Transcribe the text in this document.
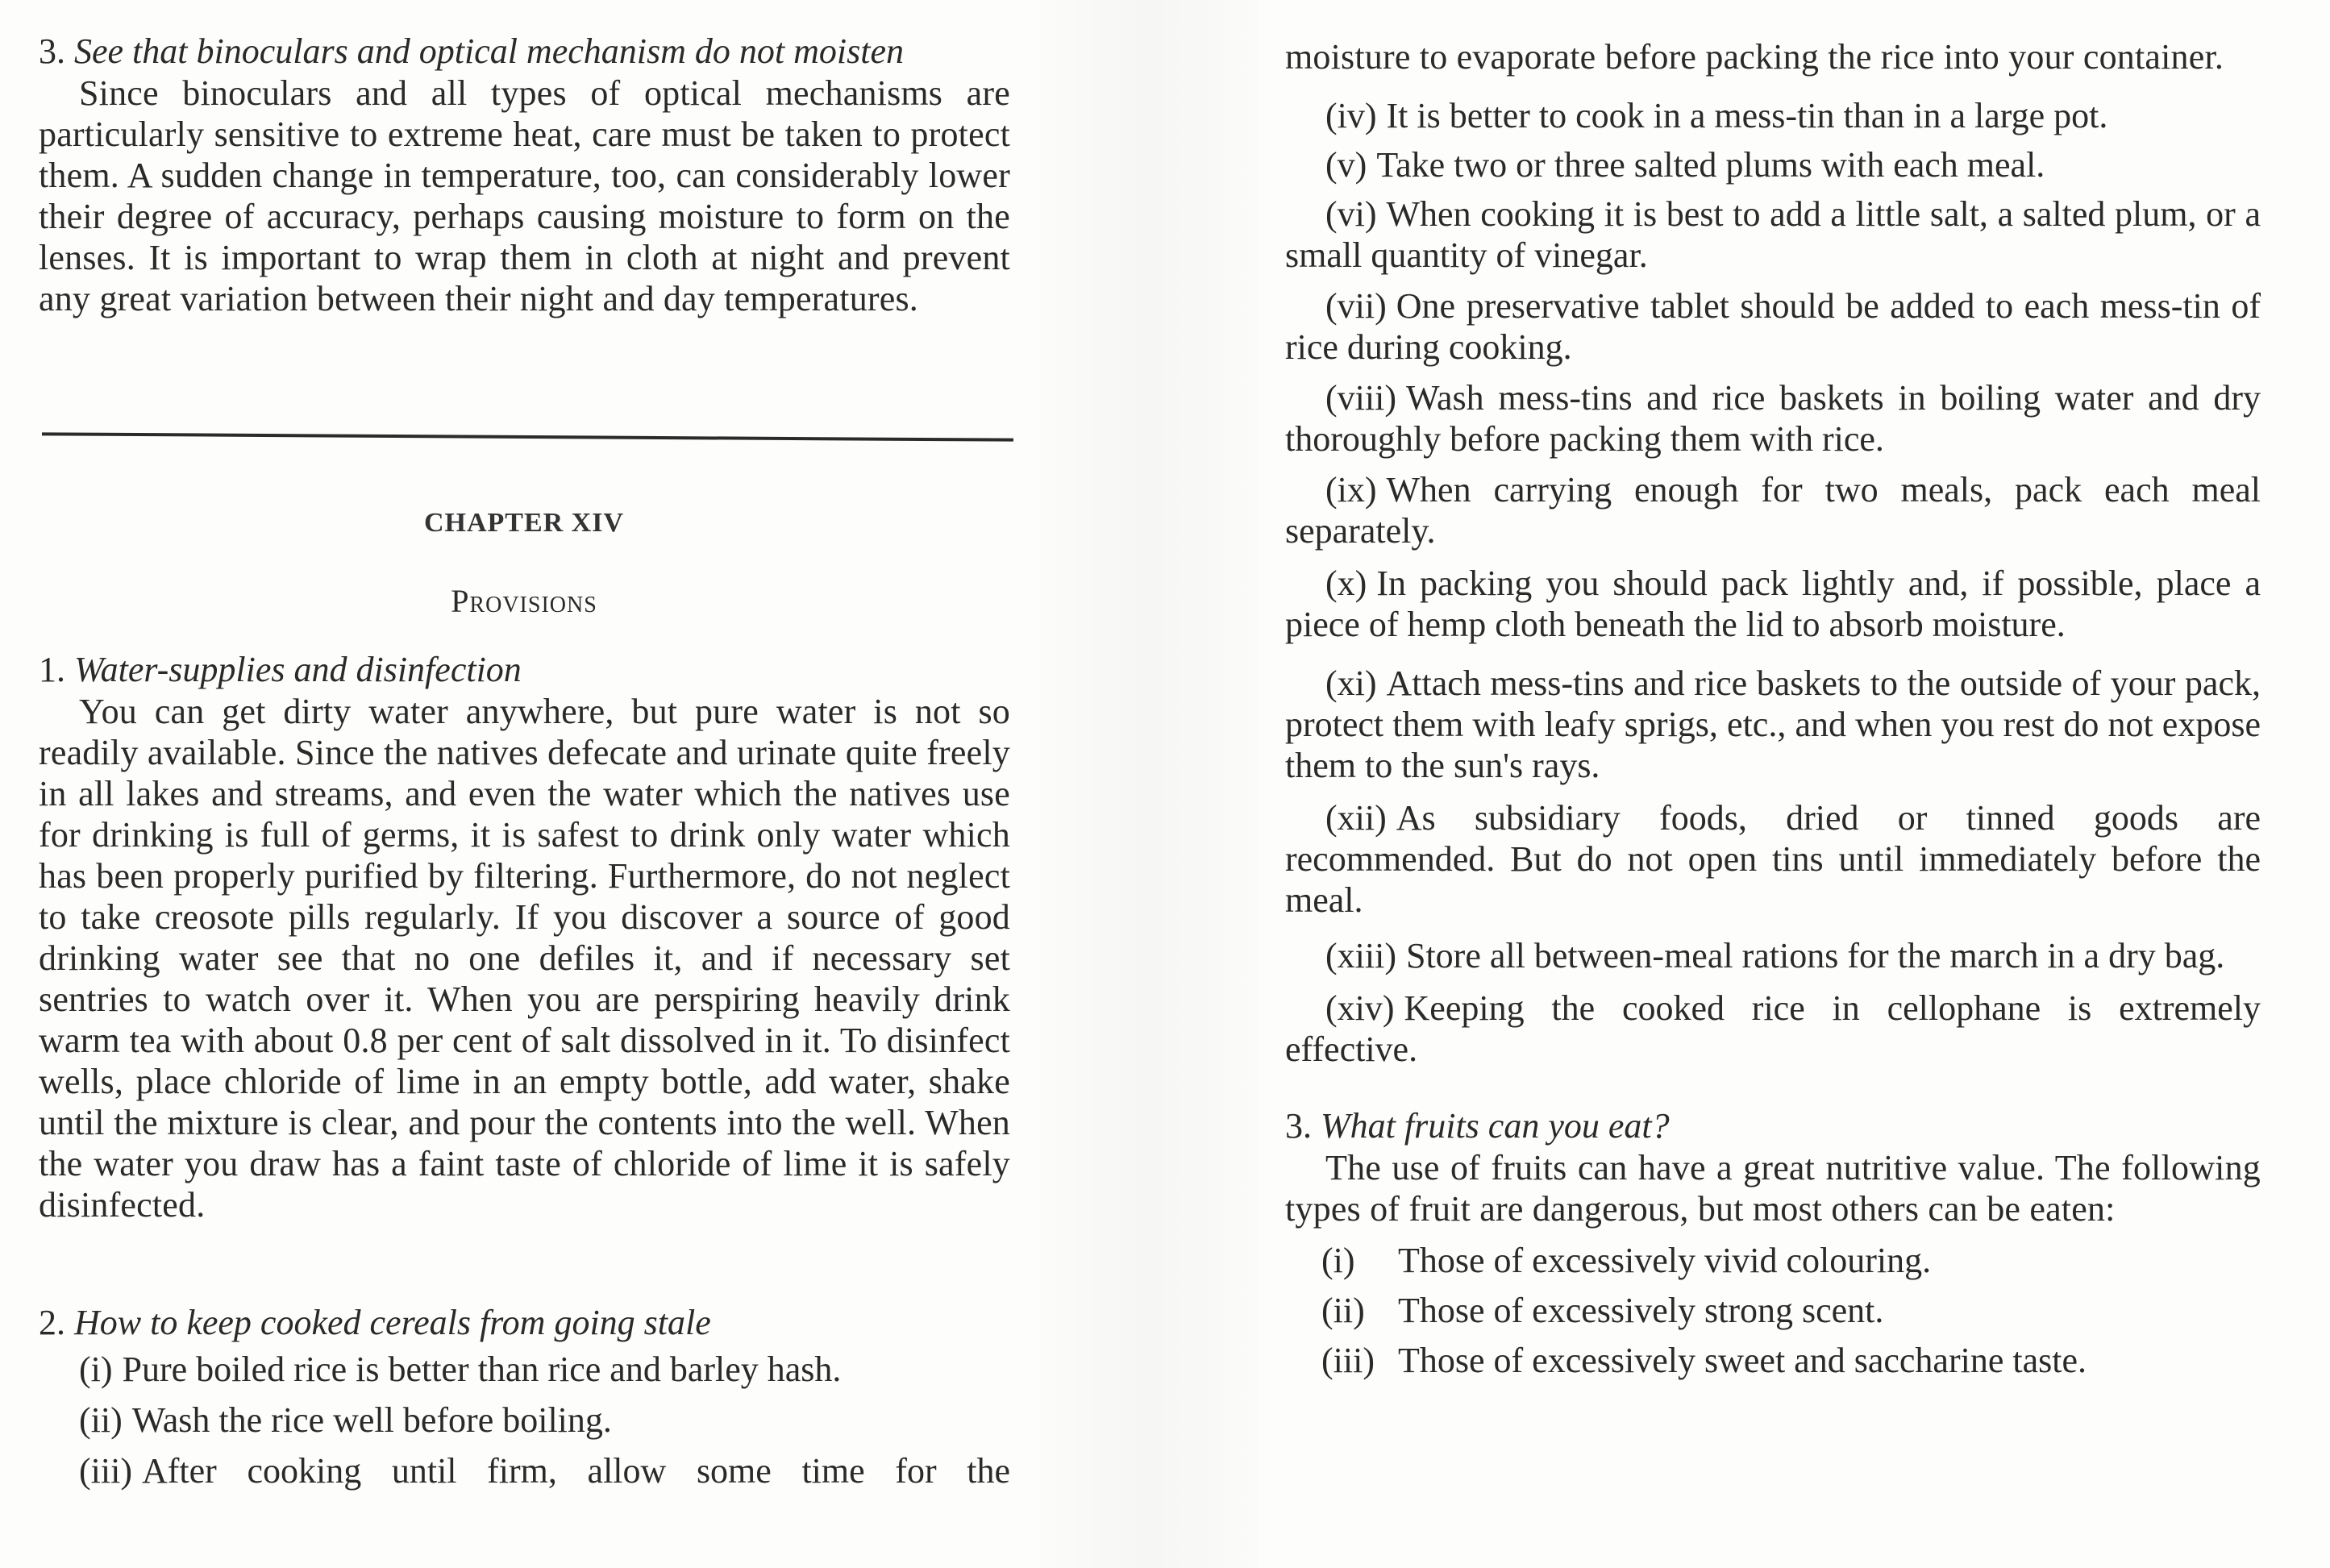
3. See that binoculars and optical mechanism do not moisten

Since binoculars and all types of optical mechanisms are particularly sensitive to extreme heat, care must be taken to protect them. A sudden change in temperature, too, can considerably lower their degree of accuracy, perhaps causing moisture to form on the lenses. It is important to wrap them in cloth at night and prevent any great variation between their night and day temperatures.

CHAPTER XIV
Provisions
1. Water-supplies and disinfection

You can get dirty water anywhere, but pure water is not so readily available. Since the natives defecate and urinate quite freely in all lakes and streams, and even the water which the natives use for drinking is full of germs, it is safest to drink only water which has been properly purified by filtering. Furthermore, do not neglect to take creosote pills regularly. If you discover a source of good drinking water see that no one defiles it, and if necessary set sentries to watch over it. When you are perspiring heavily drink warm tea with about 0.8 per cent of salt dissolved in it. To disinfect wells, place chloride of lime in an empty bottle, add water, shake until the mixture is clear, and pour the contents into the well. When the water you draw has a faint taste of chloride of lime it is safely disinfected.

2. How to keep cooked cereals from going stale
(i) Pure boiled rice is better than rice and barley hash.
(ii) Wash the rice well before boiling.
(iii) After cooking until firm, allow some time for the

moisture to evaporate before packing the rice into your container.

(iv) It is better to cook in a mess-tin than in a large pot.
(v) Take two or three salted plums with each meal.
(vi) When cooking it is best to add a little salt, a salted plum, or a small quantity of vinegar.
(vii) One preservative tablet should be added to each mess-tin of rice during cooking.
(viii) Wash mess-tins and rice baskets in boiling water and dry thoroughly before packing them with rice.
(ix) When carrying enough for two meals, pack each meal separately.
(x) In packing you should pack lightly and, if possible, place a piece of hemp cloth beneath the lid to absorb moisture.
(xi) Attach mess-tins and rice baskets to the outside of your pack, protect them with leafy sprigs, etc., and when you rest do not expose them to the sun's rays.
(xii) As subsidiary foods, dried or tinned goods are recommended. But do not open tins until immediately before the meal.
(xiii) Store all between-meal rations for the march in a dry bag.
(xiv) Keeping the cooked rice in cellophane is extremely effective.
3. What fruits can you eat?

The use of fruits can have a great nutritive value. The following types of fruit are dangerous, but most others can be eaten:

(i) Those of excessively vivid colouring.
(ii) Those of excessively strong scent.
(iii) Those of excessively sweet and saccharine taste.
